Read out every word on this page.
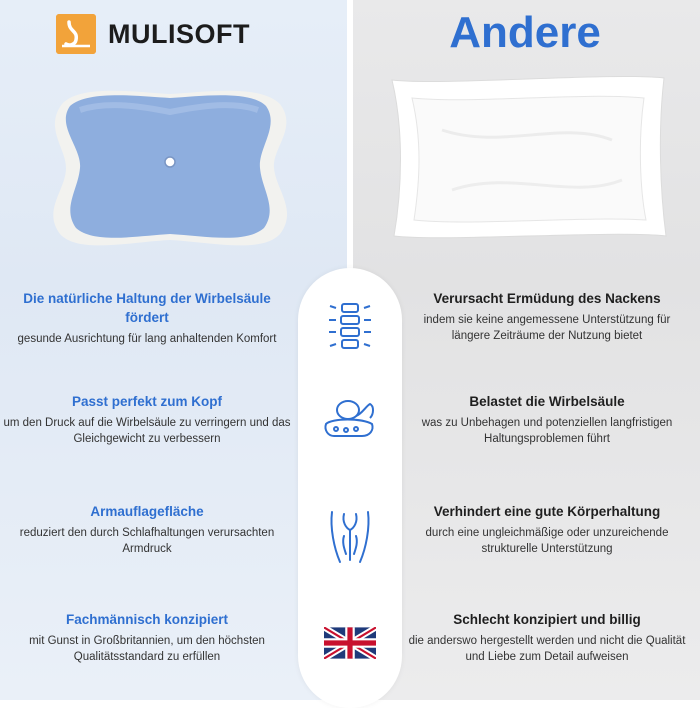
MULISOFT	Andere
Die natürliche Haltung der Wirbelsäule fördert
gesunde Ausrichtung für lang anhaltenden Komfort
Passt perfekt zum Kopf
um den Druck auf die Wirbelsäule zu verringern und das Gleichgewicht zu verbessern
Armauflagefläche
reduziert den durch Schlafhaltungen verursachten Armdruck
Fachmännisch konzipiert
mit Gunst in Großbritannien, um den höchsten Qualitätsstandard zu erfüllen
Verursacht Ermüdung des Nackens
indem sie keine angemessene Unterstützung für längere Zeiträume der Nutzung bietet
Belastet die Wirbelsäule
was zu Unbehagen und potenziellen langfristigen Haltungsproblemen führt
Verhindert eine gute Körperhaltung
durch eine ungleichmäßige oder unzureichende strukturelle Unterstützung
Schlecht konzipiert und billig
die anderswo hergestellt werden und nicht die Qualität und Liebe zum Detail aufweisen
